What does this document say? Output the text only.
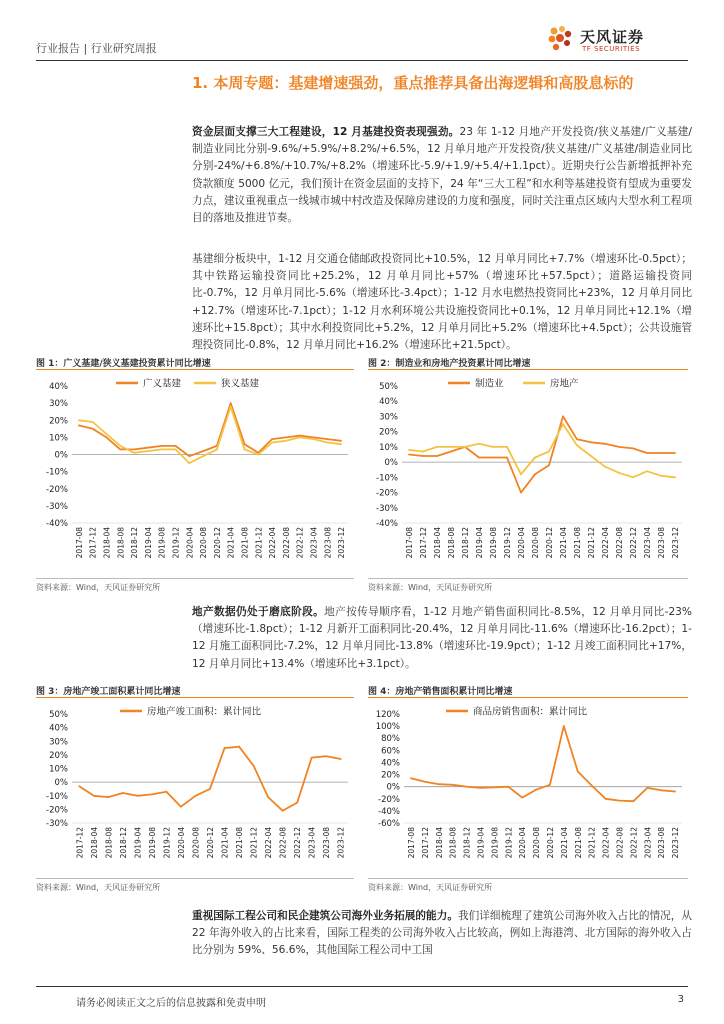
行业报告 | 行业研究周报
天风证券
TF SECURITIES
1. 本周专题：基建增速强劲，重点推荐具备出海逻辑和高股息标的
资金层面支撑三大工程建设，12 月基建投资表现强劲。23 年 1-12 月地产开发投资/狭义基建/广义基建/制造业同比分别-9.6%/+5.9%/+8.2%/+6.5%，12 月单月地产开发投资/狭义基建/广义基建/制造业同比分别-24%/+6.8%/+10.7%/+8.2%（增速环比-5.9/+1.9/+5.4/+1.1pct）。近期央行公告新增抵押补充贷款额度 5000 亿元，我们预计在资金层面的支持下，24 年“三大工程”和水利等基建投资有望成为重要发力点，建议重视重点一线城市城中村改造及保障房建设的力度和强度，同时关注重点区域内大型水利工程项目的落地及推进节奏。
基建细分板块中，1-12 月交通仓储邮政投资同比+10.5%，12 月单月同比+7.7%（增速环比-0.5pct）；其中铁路运输投资同比+25.2%，12 月单月同比+57%（增速环比+57.5pct）；道路运输投资同比-0.7%，12 月单月同比-5.6%（增速环比-3.4pct）；1-12 月水电燃热投资同比+23%，12 月单月同比+12.7%（增速环比-7.1pct）；1-12 月水利环境公共设施投资同比+0.1%，12 月单月同比+12.1%（增速环比+15.8pct）；其中水利投资同比+5.2%，12 月单月同比+5.2%（增速环比+4.5pct）；公共设施管理投资同比-0.8%，12 月单月同比+16.2%（增速环比+21.5pct）。
图 1：广义基建/狭义基建投资累计同比增速
40%
30%
20%
10%
0%
-10%
-20%
-30%
-40%
2017-08 2017-12 2018-04 2018-08 2018-12 2019-04 2019-08 2019-12 2020-04 2020-08 2020-12 2021-04 2021-08 2021-12 2022-04 2022-08 2022-12 2023-04 2023-08 2023-12
广义基建	狭义基建
资料来源：Wind，天风证券研究所
图 2：制造业和房地产投资累计同比增速
50%
40%
30%
20%
10%
0%
-10%
-20%
-30%
-40%
2017-08 2017-12 2018-04 2018-08 2018-12 2019-04 2019-08 2019-12 2020-04 2020-08 2020-12 2021-04 2021-08 2021-12 2022-04 2022-08 2022-12 2023-04 2023-08 2023-12
制造业	房地产
资料来源：Wind，天风证券研究所
地产数据仍处于磨底阶段。地产按传导顺序看，1-12 月地产销售面积同比-8.5%，12 月单月同比-23%（增速环比-1.8pct）；1-12 月新开工面积同比-20.4%，12 月单月同比-11.6%（增速环比-16.2pct）；1-12 月施工面积同比-7.2%，12 月单月同比-13.8%（增速环比-19.9pct）；1-12 月竣工面积同比+17%，12 月单月同比+13.4%（增速环比+3.1pct）。
图 3：房地产竣工面积累计同比增速
50%
40%
30%
20%
10%
0%
-10%
-20%
-30%
2017-12 2018-04 2018-08 2018-12 2019-04 2019-08 2019-12 2020-04 2020-08 2020-12 2021-04 2021-08 2021-12 2022-04 2022-08 2022-12 2023-04 2023-08 2023-12
房地产竣工面积：累计同比
资料来源：Wind，天风证券研究所
图 4：房地产销售面积累计同比增速
120%
100%
80%
60%
40%
20%
0%
-20%
-40%
-60%
2017-08 2017-12 2018-04 2018-08 2018-12 2019-04 2019-08 2019-12 2020-04 2020-08 2020-12 2021-04 2021-08 2021-12 2022-04 2022-08 2022-12 2023-04 2023-08 2023-12
商品房销售面积：累计同比
资料来源：Wind，天风证券研究所
重视国际工程公司和民企建筑公司海外业务拓展的能力。我们详细梳理了建筑公司海外收入占比的情况，从 22 年海外收入的占比来看，国际工程类的公司海外收入占比较高，例如上海港湾、北方国际的海外收入占比分别为 59%、56.6%，其他国际工程公司中工国
请务必阅读正文之后的信息披露和免责申明	3
